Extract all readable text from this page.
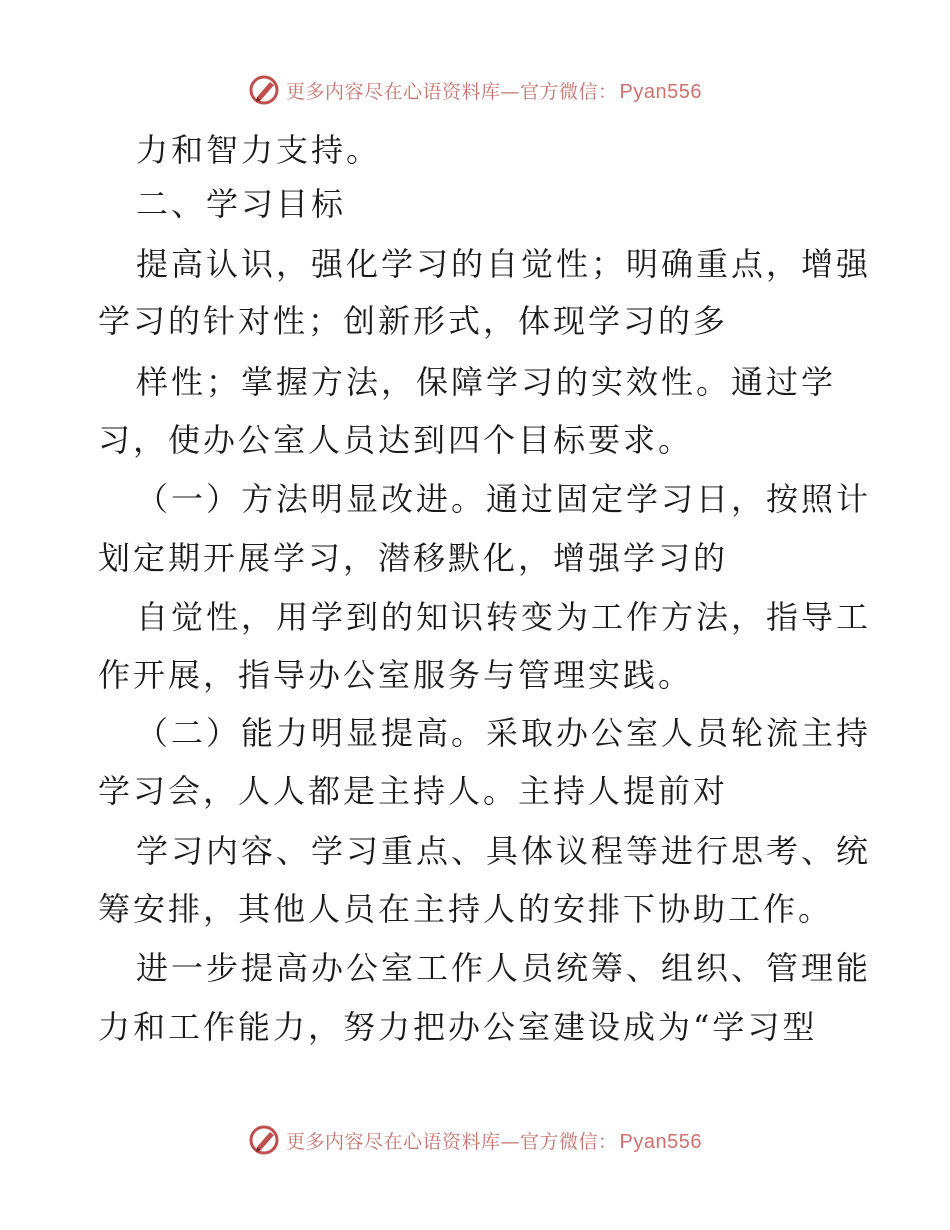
更多内容尽在心语资料库—官方微信： Pyan556
力和智力支持。
二、学习目标
提高认识，强化学习的自觉性；明确重点，增强
学习的针对性；创新形式，体现学习的多
样性；掌握方法，保障学习的实效性。通过学
习，使办公室人员达到四个目标要求。
（一）方法明显改进。通过固定学习日，按照计
划定期开展学习，潜移默化，增强学习的
自觉性，用学到的知识转变为工作方法，指导工
作开展，指导办公室服务与管理实践。
（二）能力明显提高。采取办公室人员轮流主持
学习会，人人都是主持人。主持人提前对
学习内容、学习重点、具体议程等进行思考、统
筹安排，其他人员在主持人的安排下协助工作。
进一步提高办公室工作人员统筹、组织、管理能
力和工作能力，努力把办公室建设成为“学习型
更多内容尽在心语资料库—官方微信： Pyan556
